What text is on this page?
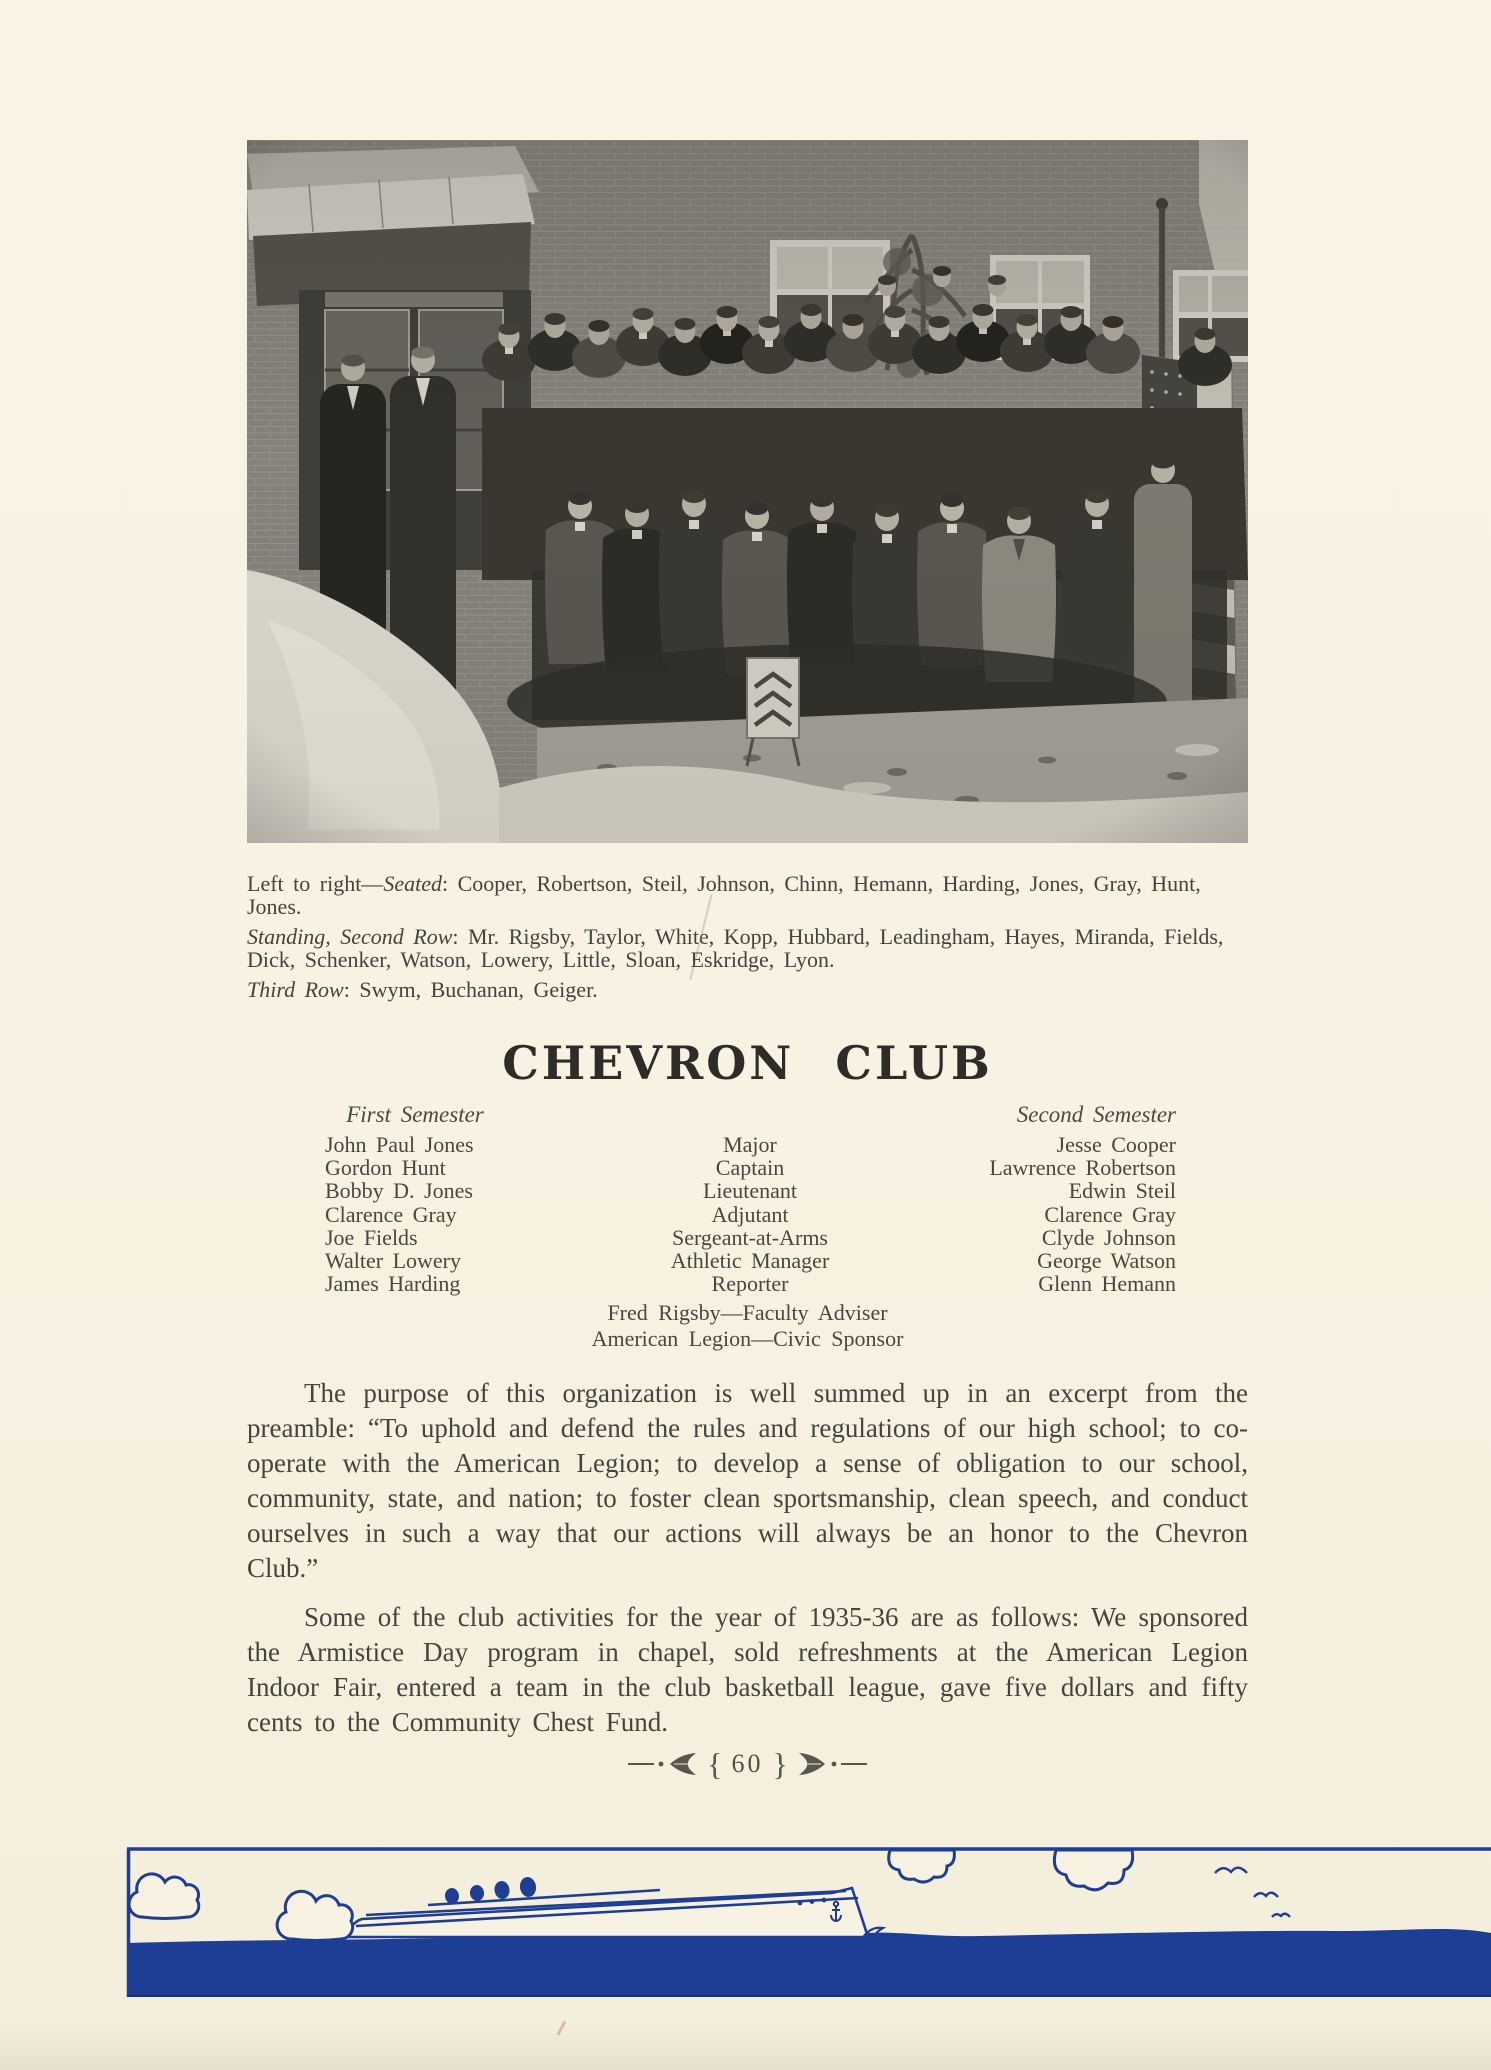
Left to right—Seated: Cooper, Robertson, Steil, Johnson, Chinn, Hemann, Harding, Jones, Gray, Hunt, Jones.

Standing, Second Row: Mr. Rigsby, Taylor, White, Kopp, Hubbard, Leadingham, Hayes, Miranda, Fields, Dick, Schenker, Watson, Lowery, Little, Sloan, Eskridge, Lyon.

Third Row: Swym, Buchanan, Geiger.

CHEVRON CLUB
First Semester	Second Semester
John Paul Jones
Gordon Hunt
Bobby D. Jones
Clarence Gray
Joe Fields
Walter Lowery
James Harding
Major
Captain
Lieutenant
Adjutant
Sergeant-at-Arms
Athletic Manager
Reporter
Jesse Cooper
Lawrence Robertson
Edwin Steil
Clarence Gray
Clyde Johnson
George Watson
Glenn Hemann
Fred Rigsby—Faculty Adviser
American Legion—Civic Sponsor

The purpose of this organization is well summed up in an excerpt from the preamble: “To uphold and defend the rules and regulations of our high school; to co-operate with the American Legion; to develop a sense of obligation to our school, community, state, and nation; to foster clean sportsmanship, clean speech, and conduct ourselves in such a way that our actions will always be an honor to the Chevron Club.”

Some of the club activities for the year of 1935-36 are as follows: We sponsored the Armistice Day program in chapel, sold refreshments at the American Legion Indoor Fair, entered a team in the club basketball league, gave five dollars and fifty cents to the Community Chest Fund.

{ 60 }
